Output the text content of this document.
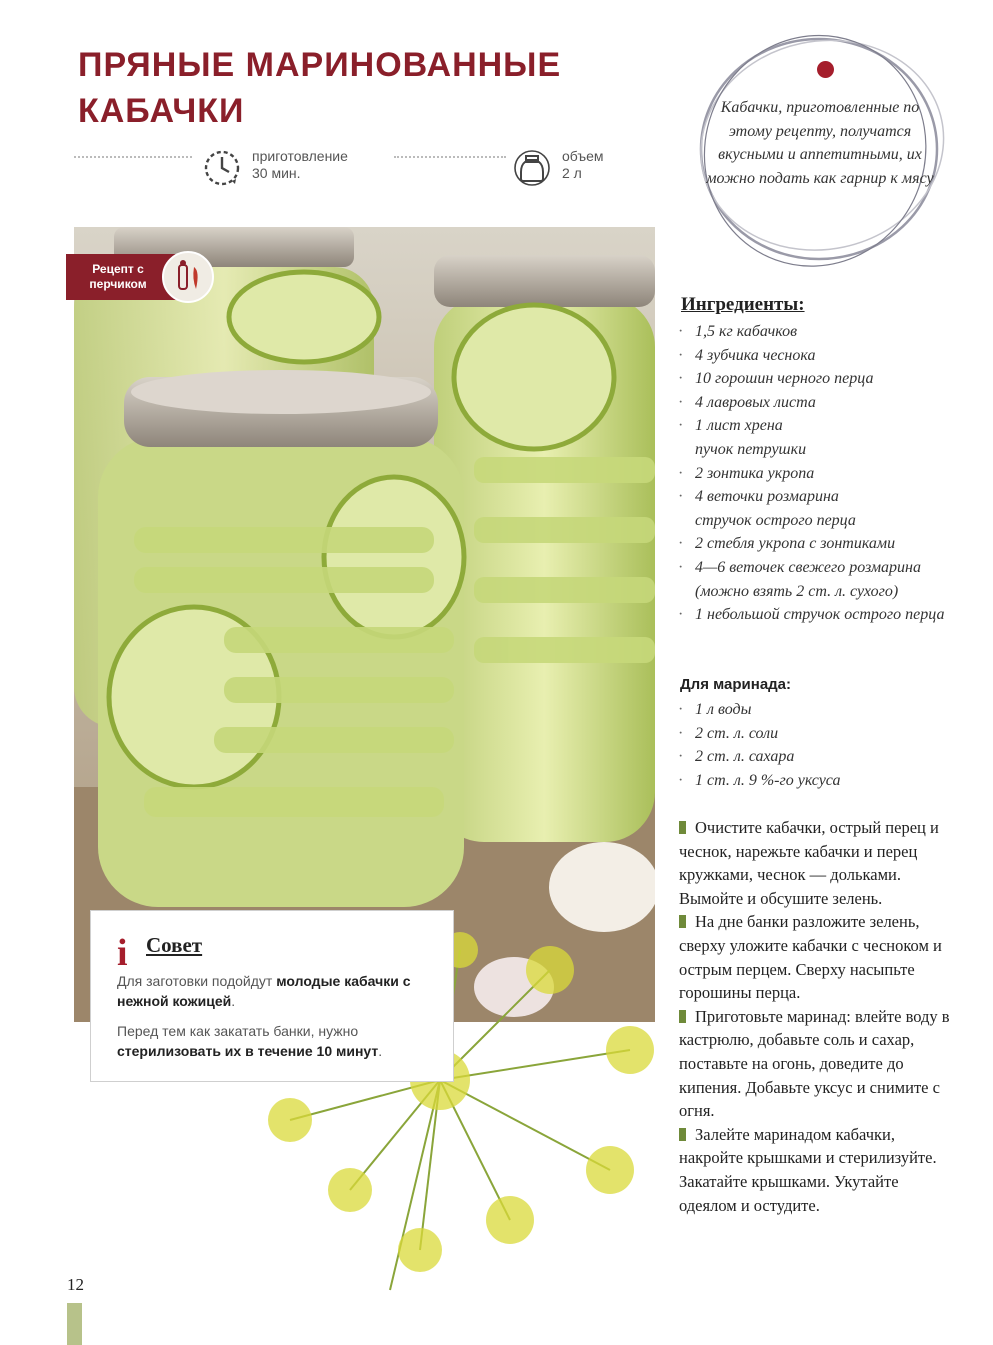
ПРЯНЫЕ МАРИНОВАННЫЕ КАБАЧКИ
приготовление
30 мин.
объем
2 л
Кабачки, приготовленные по этому рецепту, получатся вкусными и аппетитными, их можно подать как гарнир к мясу
Рецепт с перчиком
i Совет

Для заготовки подойдут молодые кабачки с нежной кожицей.

Перед тем как закатать банки, нужно стерилизовать их в течение 10 минут.

Ингредиенты:
· 1,5 кг кабачков
· 4 зубчика чеснока
· 10 горошин черного перца
· 4 лавровых листа
· 1 лист хрена
пучок петрушки
· 2 зонтика укропа
· 4 веточки розмарина
стручок острого перца
· 2 стебля укропа с зонтиками
· 4—6 веточек свежего розмарина (можно взять 2 ст. л. сухого)
· 1 небольшой стручок острого перца
Для маринада:
· 1 л воды
· 2 ст. л. соли
· 2 ст. л. сахара
· 1 ст. л. 9 %-го уксуса

Очистите кабачки, острый перец и чеснок, нарежьте кабачки и перец кружками, чеснок — дольками. Вымойте и обсушите зелень.

На дне банки разложите зелень, сверху уложите кабачки с чесноком и острым перцем. Сверху насыпьте горошины перца.

Приготовьте маринад: влейте воду в кастрюлю, добавьте соль и сахар, поставьте на огонь, доведите до кипения. Добавьте уксус и снимите с огня.

Залейте маринадом кабачки, накройте крышками и стерилизуйте. Закатайте крышками. Укутайте одеялом и остудите.

12
